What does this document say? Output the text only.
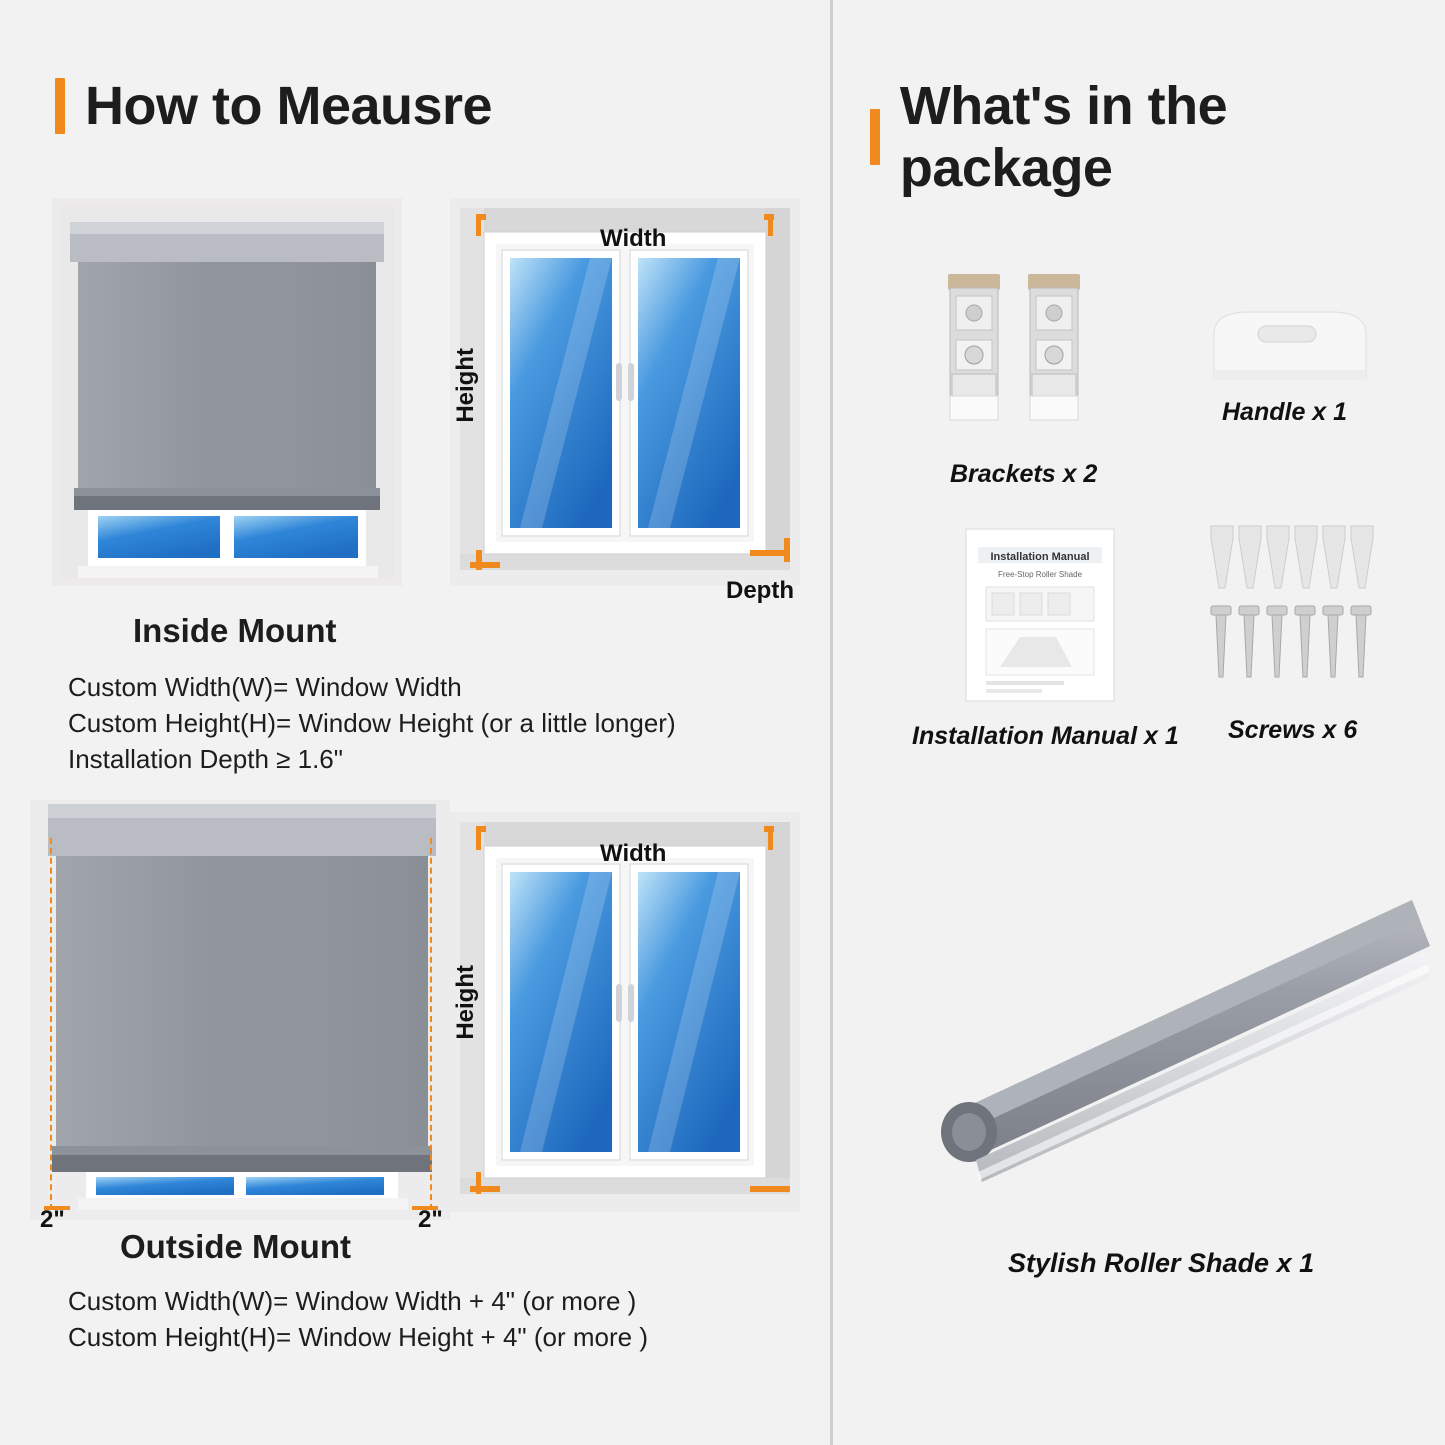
How to Meausre	What's in the package
Width
Height
Depth
Inside Mount
Custom Width(W)= Window Width
Custom Height(H)= Window Height (or a little longer)
Installation Depth ≥ 1.6"
2"	2"
Width
Height
Outside Mount
Custom Width(W)= Window Width + 4" (or more )
Custom Height(H)= Window Height + 4" (or more )
Brackets x 2
Handle x 1
Installation Manual
Free-Stop Roller Shade
Installation Manual x 1 Screws x 6
Stylish Roller Shade x 1
